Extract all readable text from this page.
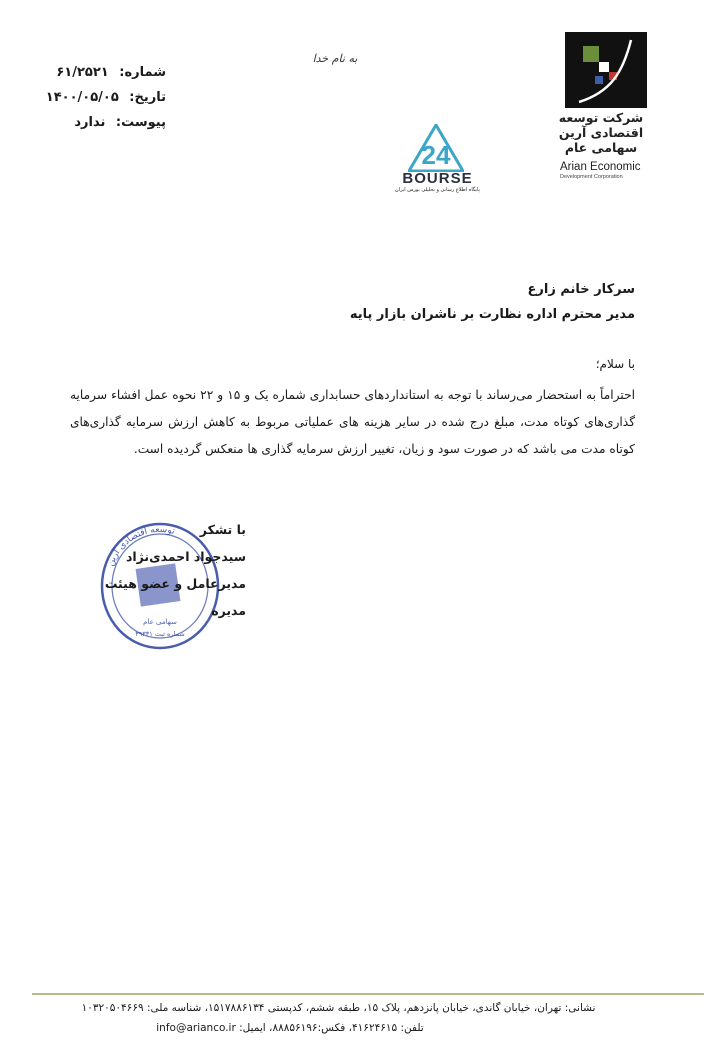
شماره: ۶۱/۲۵۲۱
تاریخ: ۱۴۰۰/۰۵/۰۵
پیوست: ندارد
به نام خدا
شرکت توسعه
اقتصادی آرین
سهامی عام
Arian Economic
Development Corporation
24
BOURSE
پایگاه اطلاع رسانی و تحلیلی بورس ایران
سرکار خانم زارع
مدیر محترم اداره نظارت بر ناشران بازار پایه
با سلام؛
احتراماً به استحضار می‌رساند با توجه به استانداردهای حسابداری شماره یک و ۱۵ و ۲۲ نحوه عمل افشاء سرمایه گذاری‌های کوتاه مدت، مبلغ درج شده در سایر هزینه های عملیاتی مربوط به کاهش ارزش سرمایه گذاری‌های کوتاه مدت می باشد که در صورت سود و زیان، تغییر ارزش سرمایه گذاری ها منعکس گردیده است.
توسعه اقتصادی آرین
سهامی عام
شماره ثبت ۳۹۳۳۱
با تشکر
سیدجواد احمدی‌نژاد
مدیرعامل و عضو هیئت مدیره
نشانی: تهران، خیابان گاندی، خیابان پانزدهم، پلاک ۱۵، طبقه ششم، کدپستی ۱۵۱۷۸۸۶۱۳۴، شناسه ملی: ۱۰۳۲۰۵۰۴۶۶۹
تلفن: ۴۱۶۲۴۶۱۵، فکس:۸۸۸۵۶۱۹۶، ایمیل: info@arianco.ir
